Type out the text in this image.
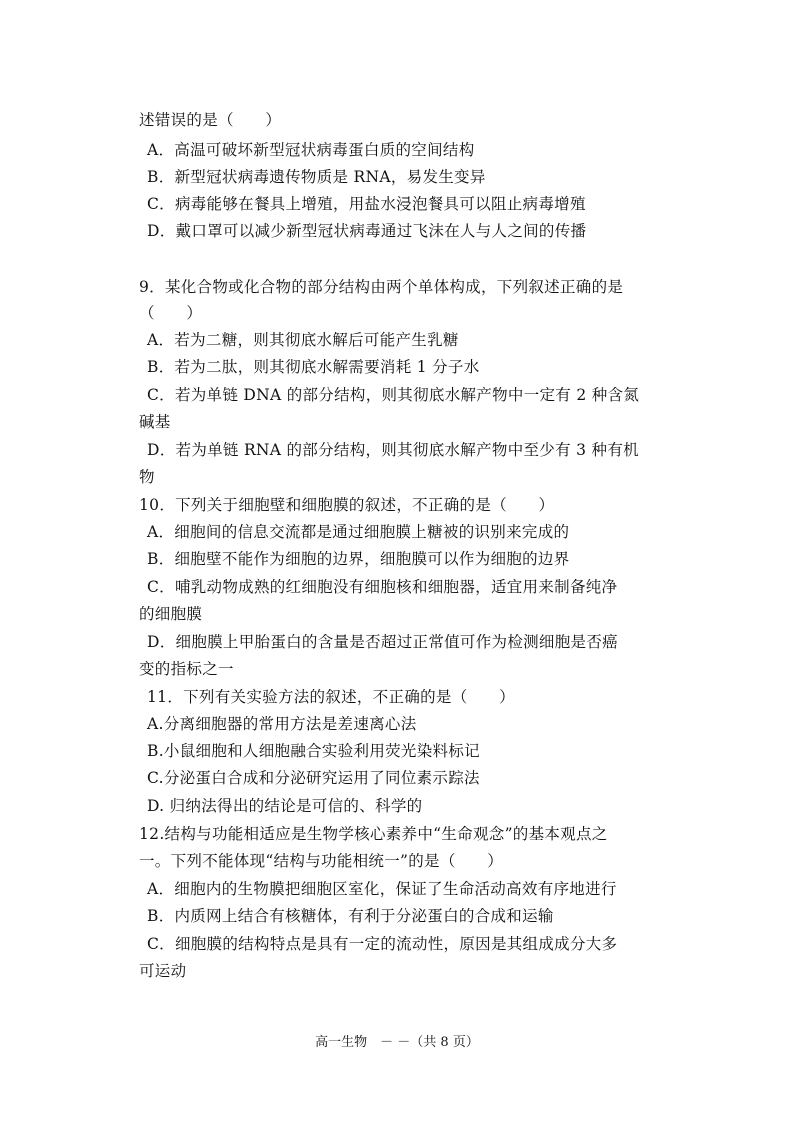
述错误的是（　　）
A．高温可破坏新型冠状病毒蛋白质的空间结构
B．新型冠状病毒遗传物质是 RNA，易发生变异
C．病毒能够在餐具上增殖，用盐水浸泡餐具可以阻止病毒增殖
D．戴口罩可以减少新型冠状病毒通过飞沫在人与人之间的传播
9．某化合物或化合物的部分结构由两个单体构成，下列叙述正确的是
（　　）
A．若为二糖，则其彻底水解后可能产生乳糖
B．若为二肽，则其彻底水解需要消耗 1 分子水
C．若为单链 DNA 的部分结构，则其彻底水解产物中一定有 2 种含氮
碱基
D．若为单链 RNA 的部分结构，则其彻底水解产物中至少有 3 种有机
物
10．下列关于细胞壁和细胞膜的叙述，不正确的是（　　）
A．细胞间的信息交流都是通过细胞膜上糖被的识别来完成的
B．细胞壁不能作为细胞的边界，细胞膜可以作为细胞的边界
C．哺乳动物成熟的红细胞没有细胞核和细胞器，适宜用来制备纯净
的细胞膜
D．细胞膜上甲胎蛋白的含量是否超过正常值可作为检测细胞是否癌
变的指标之一
11．下列有关实验方法的叙述，不正确的是（　　）
A.分离细胞器的常用方法是差速离心法
B.小鼠细胞和人细胞融合实验利用荧光染料标记
C.分泌蛋白合成和分泌研究运用了同位素示踪法
D. 归纳法得出的结论是可信的、科学的
12.结构与功能相适应是生物学核心素养中“生命观念”的基本观点之
一。下列不能体现“结构与功能相统一”的是（　　）
A．细胞内的生物膜把细胞区室化，保证了生命活动高效有序地进行
B．内质网上结合有核糖体，有利于分泌蛋白的合成和运输
C．细胞膜的结构特点是具有一定的流动性，原因是其组成成分大多
可运动
高一生物　－ －（共 8 页）
